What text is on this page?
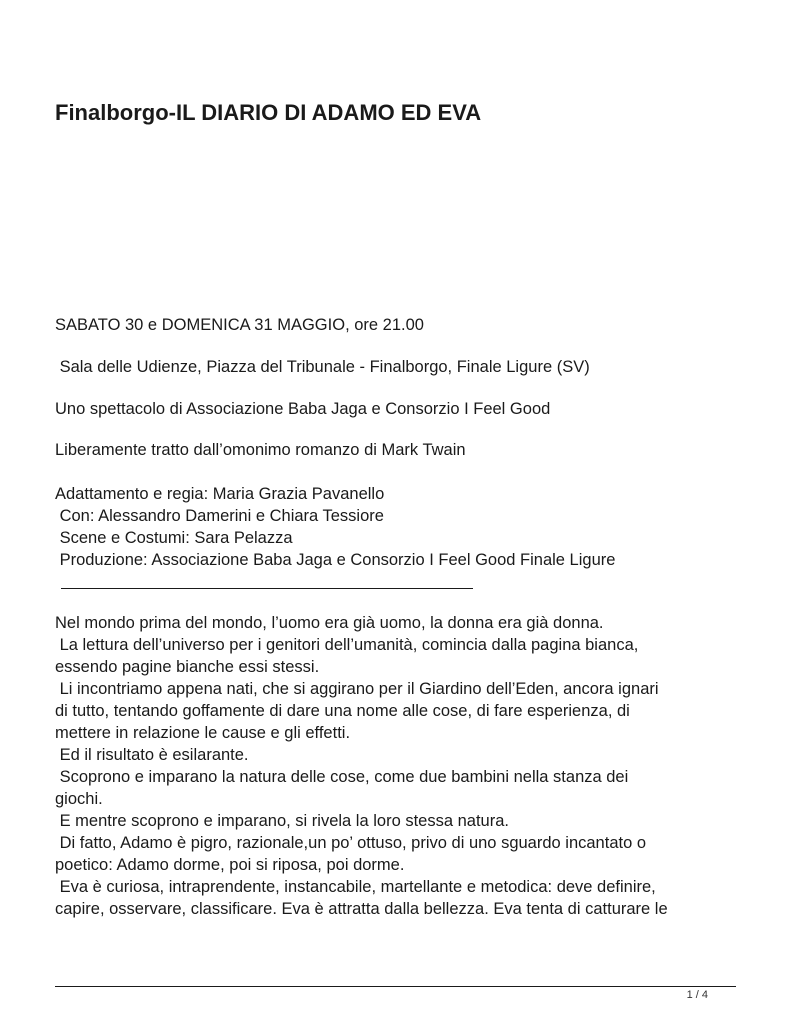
Finalborgo-IL DIARIO DI ADAMO ED EVA

SABATO 30 e DOMENICA 31 MAGGIO, ore 21.00

Sala delle Udienze, Piazza del Tribunale - Finalborgo, Finale Ligure (SV)

Uno spettacolo di Associazione Baba Jaga e Consorzio I Feel Good

Liberamente tratto dall’omonimo romanzo di Mark Twain

Adattamento e regia: Maria Grazia Pavanello

Con: Alessandro Damerini e Chiara Tessiore

Scene e Costumi: Sara Pelazza

Produzione: Associazione Baba Jaga e Consorzio I Feel Good Finale Ligure

Nel mondo prima del mondo, l’uomo era già uomo, la donna era già donna.

La lettura dell’universo per i genitori dell’umanità, comincia dalla pagina bianca,

essendo pagine bianche essi stessi.

Li incontriamo appena nati, che si aggirano per il Giardino dell’Eden, ancora ignari

di tutto, tentando goffamente di dare una nome alle cose, di fare esperienza, di

mettere in relazione le cause e gli effetti.

Ed il risultato è esilarante.

Scoprono e imparano la natura delle cose, come due bambini nella stanza dei

giochi.

E mentre scoprono e imparano, si rivela la loro stessa natura.

Di fatto, Adamo è pigro, razionale,un po’ ottuso, privo di uno sguardo incantato o

poetico: Adamo dorme, poi si riposa, poi dorme.

Eva è curiosa, intraprendente, instancabile, martellante e metodica: deve definire,

capire, osservare, classificare. Eva è attratta dalla bellezza. Eva tenta di catturare le

1 / 4
